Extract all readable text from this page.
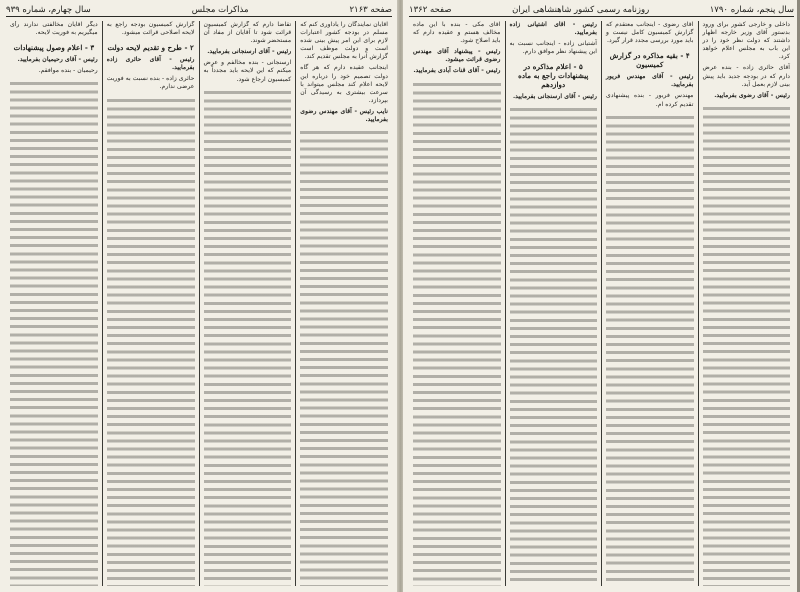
صفحه ۲۱۶۳
مذاکرات مجلس
سال چهارم، شماره ۹۳۹

آقایان نمایندگان را یادآوری کنم که مسلم در بودجه کشور اعتبارات لازم برای این امر پیش بینی شده است و دولت موظف است گزارش آنرا به مجلس تقدیم کند.

اینجانب عقیده دارم که هر گاه دولت تصمیم خود را درباره این لایحه اعلام کند مجلس میتواند با سرعت بیشتری به رسیدگی آن بپردازد.

نایب رئیس - آقای مهندس رضوی بفرمایید.

تقاضا دارم که گزارش کمیسیون قرائت شود تا آقایان از مفاد آن مستحضر شوند.

رئیس - آقای ارسنجانی بفرمایید.

ارسنجانی - بنده مخالفم و عرض میکنم که این لایحه باید مجدداً به کمیسیون ارجاع شود.

گزارش کمیسیون بودجه راجع به لایحه اصلاحی قرائت میشود.

۲ - طرح و تقدیم لایحه دولت

رئیس - آقای حائری زاده بفرمایید.

حائری زاده - بنده نسبت به فوریت عرضی ندارم.

دیگر آقایان مخالفتی ندارند رأی میگیریم به فوریت لایحه.

۳ - اعلام وصول پیشنهادات

رئیس - آقای رحیمیان بفرمایید.

رحیمیان - بنده موافقم.

سال پنجم، شماره ۱۷۹۰
روزنامه رسمی کشور شاهنشاهی ایران
صفحه ۱۳۶۲

داخلی و خارجی کشور برای ورود بدستور آقای وزیر خارجه اظهار داشتند که دولت نظر خود را در این باب به مجلس اعلام خواهد کرد.

آقای حائری زاده - بنده عرض دارم که در بودجه جدید باید پیش بینی لازم بعمل آید.

رئیس - آقای رضوی بفرمایید.

آقای رضوی - اینجانب معتقدم که گزارش کمیسیون کامل نیست و باید مورد بررسی مجدد قرار گیرد.

۴ - بقیه مذاکره در گزارش کمیسیون

رئیس - آقای مهندس فریور بفرمایید.

مهندس فریور - بنده پیشنهادی تقدیم کرده ام.

رئیس - آقای آشتیانی زاده بفرمایید.

آشتیانی زاده - اینجانب نسبت به این پیشنهاد نظر موافق دارم.

۵ - اعلام مذاکره در پیشنهادات راجع به ماده دوازدهم

رئیس - آقای ارسنجانی بفرمایید.

آقای مکی - بنده با این ماده مخالف هستم و عقیده دارم که باید اصلاح شود.

رئیس - پیشنهاد آقای مهندس رضوی قرائت میشود.

رئیس - آقای قنات آبادی بفرمایید.
